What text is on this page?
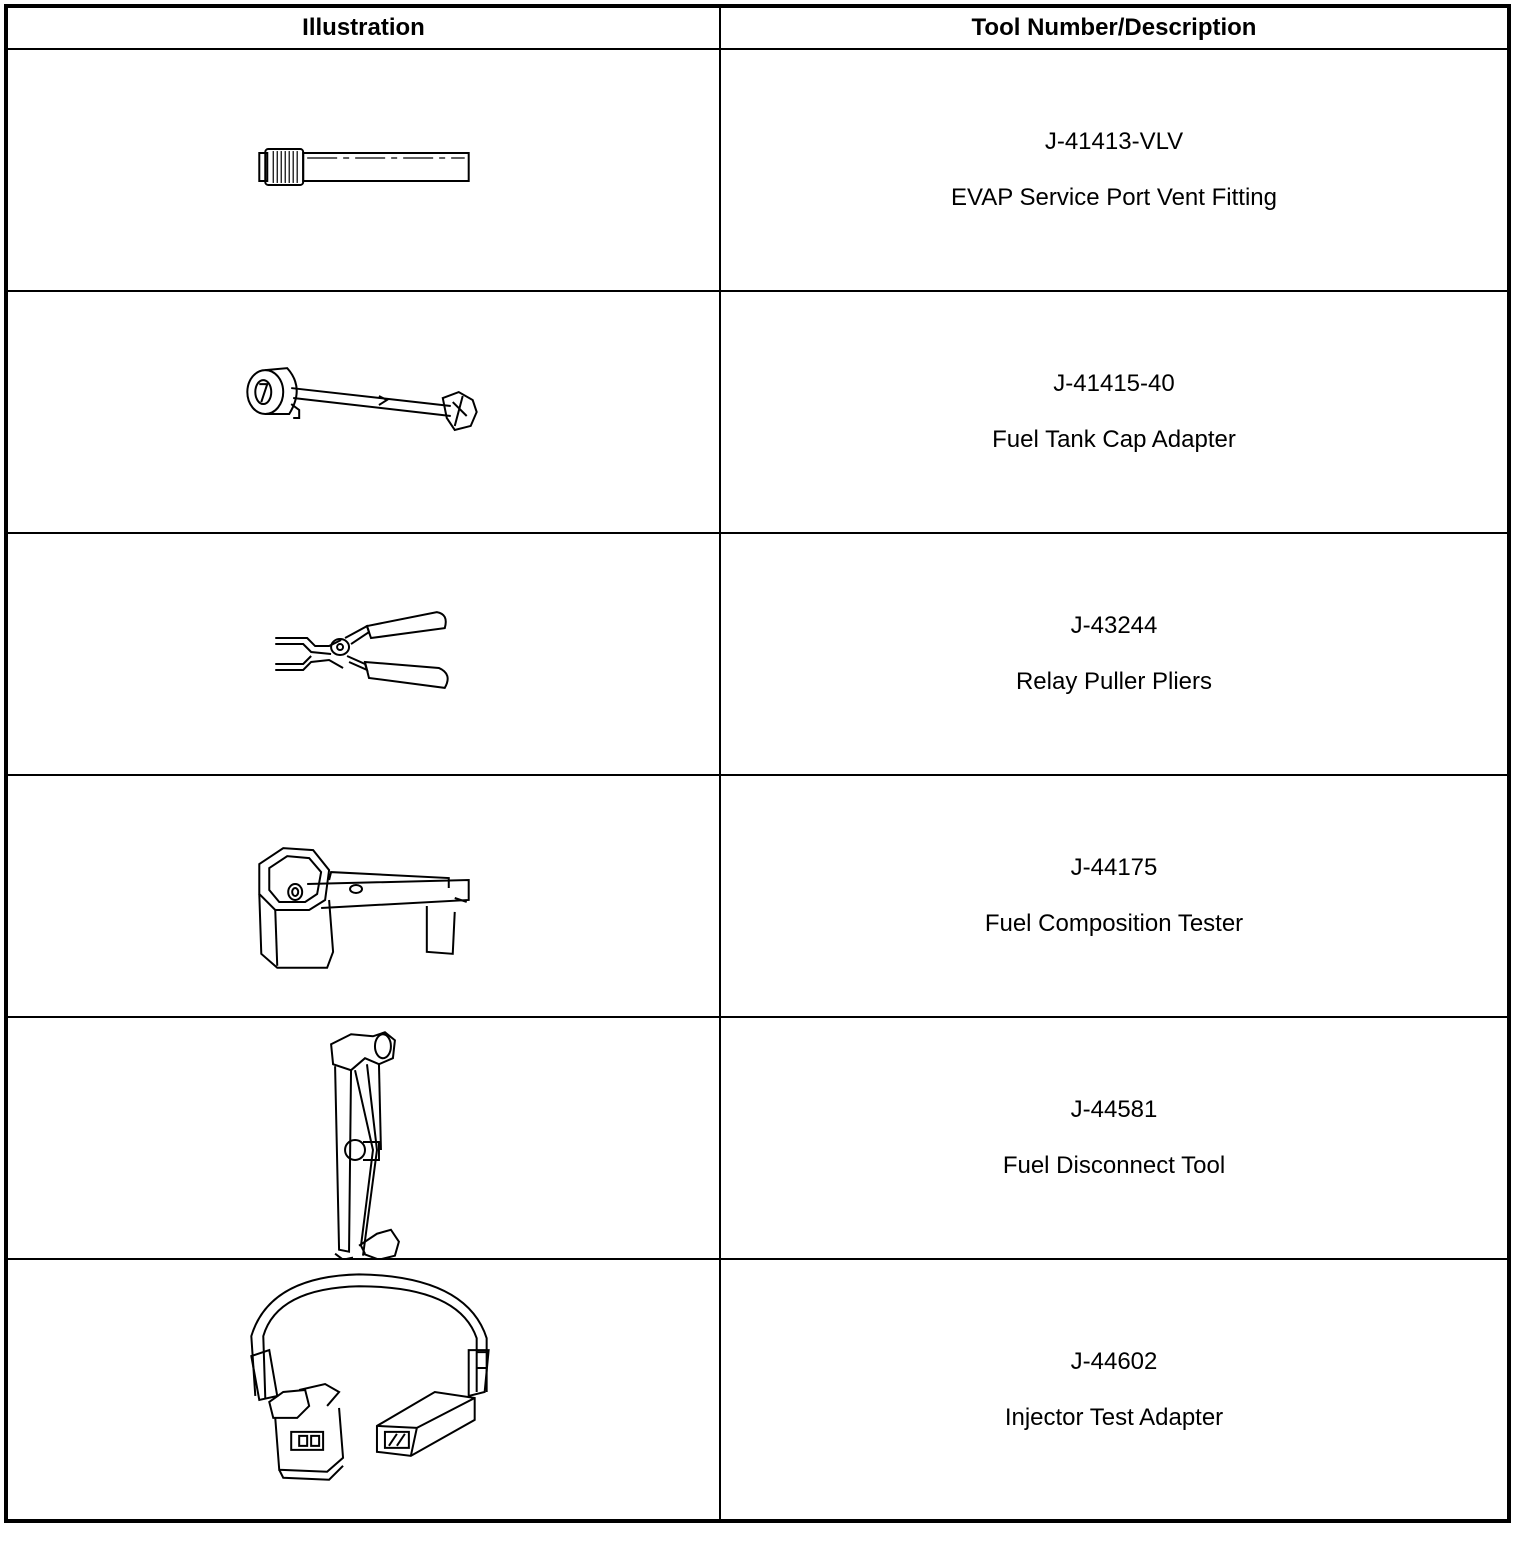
Illustration	Tool Number/Description

J-41413-VLV
EVAP Service Port Vent Fitting

J-41415-40
Fuel Tank Cap Adapter

J-43244
Relay Puller Pliers

J-44175
Fuel Composition Tester

J-44581
Fuel Disconnect Tool

J-44602
Injector Test Adapter
